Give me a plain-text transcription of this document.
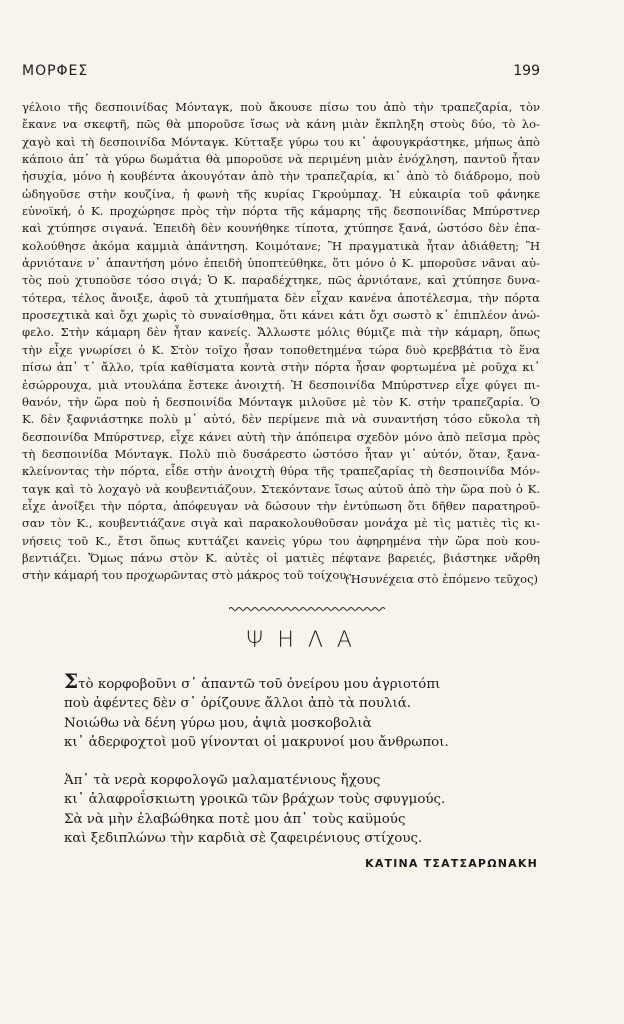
ΜΟΡΦΕΣ	199
γέλοιο τῆς δεσποινίδας Μόνταγκ, ποὺ ἄκουσε πίσω του ἀπὸ τὴν τραπεζαρία, τὸν
ἔκανε να σκεφτῆ, πῶς θὰ μποροῦσε ἴσως νὰ κάνη μιὰν ἔκπληξη στοὺς δύο, τὸ λο-
χαγὸ καὶ τὴ δεσποινίδα Μόνταγκ. Κύτταξε γύρω του κι᾽ ἀφουγκράστηκε, μήπως ἀπὸ
κάποιο ἀπ᾽ τὰ γύρω δωμάτια θὰ μποροῦσε νὰ περιμένη μιὰν ἐνόχληση, παντοῦ ἦταν
ἡσυχία, μόνο ἡ κουβέντα ἀκουγόταν ἀπὸ τὴν τραπεζαρία, κι᾽ ἀπὸ τὸ διάδρομο, ποὺ
ὡδηγοῦσε στὴν κουζίνα, ἡ φωνὴ τῆς κυρίας Γκρούμπαχ. Ἡ εὐκαιρία τοῦ φάνηκε
εὐνοϊκή, ὁ Κ. προχώρησε πρὸς τὴν πόρτα τῆς κάμαρης τῆς δεσποινίδας Μπύρστνερ
καὶ χτύπησε σιγανά. Ἐπειδὴ δὲν κουνήθηκε τίποτα, χτύπησε ξανά, ὡστόσο δὲν ἐπα-
κολούθησε ἀκόμα καμμιὰ ἀπάντηση. Κοιμότανε; Ἢ πραγματικὰ ἦταν ἀδιάθετη; Ἢ
ἀρνιότανε ν᾽ ἀπαντήση μόνο ἐπειδὴ ὑποπτεύθηκε, ὅτι μόνο ὁ Κ. μποροῦσε νᾶναι αὐ-
τὸς ποὺ χτυποῦσε τόσο σιγά; Ὁ Κ. παραδέχτηκε, πῶς ἀρνιότανε, καὶ χτύπησε δυνα-
τότερα, τέλος ἄνοιξε, ἀφοῦ τὰ χτυπήματα δὲν εἶχαν κανένα ἀποτέλεσμα, τὴν πόρτα
προσεχτικὰ καὶ ὄχι χωρὶς τὸ συναίσθημα, ὅτι κάνει κάτι ὄχι σωστὸ κ᾽ ἐπιπλέον ἀνώ-
φελο. Στὴν κάμαρη δὲν ἦταν κανείς. Ἄλλωστε μόλις θύμιζε πιὰ τὴν κάμαρη, ὅπως
τὴν εἶχε γνωρίσει ὁ Κ. Στὸν τοῖχο ἦσαν τοποθετημένα τώρα δυὸ κρεββάτια τὸ ἕνα
πίσω ἀπ᾽ τ᾽ ἄλλο, τρία καθίσματα κοντὰ στὴν πόρτα ἦσαν φορτωμένα μὲ ροῦχα κι᾽
ἐσώρρουχα, μιὰ ντουλάπα ἔστεκε ἀνοιχτή. Ἡ δεσποινίδα Μπύρστνερ εἶχε φύγει πι-
θανόν, τὴν ὥρα ποὺ ἡ δεσποινίδα Μόνταγκ μιλοῦσε μὲ τὸν Κ. στὴν τραπεζαρία. Ὁ
Κ. δὲν ξαφνιάστηκε πολὺ μ᾽ αὐτό, δὲν περίμενε πιὰ νὰ συναντήση τόσο εὔκολα τὴ
δεσποινίδα Μπύρστνερ, εἶχε κάνει αὐτὴ τὴν ἀπόπειρα σχεδὸν μόνο ἀπὸ πεῖσμα πρὸς
τὴ δεσποινίδα Μόνταγκ. Πολὺ πιὸ δυσάρεστο ὡστόσο ἦταν γι᾽ αὐτόν, ὅταν, ξανα-
κλείνοντας τὴν πόρτα, εἶδε στὴν ἀνοιχτὴ θύρα τῆς τραπεζαρίας τὴ δεσποινίδα Μόν-
ταγκ καὶ τὸ λοχαγὸ νὰ κουβεντιάζουν. Στεκόντανε ἴσως αὐτοῦ ἀπὸ τὴν ὥρα ποὺ ὁ Κ.
εἶχε ἀνοίξει τὴν πόρτα, ἀπόφευγαν νὰ δώσουν τὴν ἐντύπωση ὅτι δῆθεν παρατηροῦ-
σαν τὸν Κ., κουβεντιάζανε σιγὰ καὶ παρακολουθοῦσαν μονάχα μὲ τὶς ματιὲς τὶς κι-
νήσεις τοῦ Κ., ἔτσι ὅπως κυττάζει κανεὶς γύρω του ἀφηρημένα τὴν ὥρα ποὺ κου-
βεντιάζει. Ὅμως πάνω στὸν Κ. αὐτὲς οἱ ματιὲς πέφτανε βαρειές, βιάστηκε νἄρθη
στὴν κάμαρή του προχωρῶντας στὸ μάκρος τοῦ τοίχου.
(Ἡσυνέχεια στὸ ἑπόμενο τεῦχος)
ΨΗΛΑ
Στὸ κορφοβοῦνι σ᾽ ἀπαντῶ τοῦ ὀνείρου μου ἀγριοτόπι
ποὺ ἀφέντες δὲν σ᾽ ὁρίζουνε ἄλλοι ἀπὸ τὰ πουλιά.
Νοιώθω νὰ δένη γύρω μου, ἀψιὰ μοσκοβολιὰ
κι᾽ ἀδερφοχτοὶ μοῦ γίνονται οἱ μακρυνοί μου ἄνθρωποι.
Ἀπ᾽ τὰ νερὰ κορφολογῶ μαλαματένιους ἤχους
κι᾽ ἀλαφροΐσκιωτη γροικῶ τῶν βράχων τοὺς σφυγμούς.
Σὰ νὰ μὴν ἐλαβώθηκα ποτὲ μου ἀπ᾽ τοὺς καϋμούς
καὶ ξεδιπλώνω τὴν καρδιὰ σὲ ζαφειρένιους στίχους.
ΚΑΤΙΝΑ ΤΣΑΤΣΑΡΩΝΑΚΗ
